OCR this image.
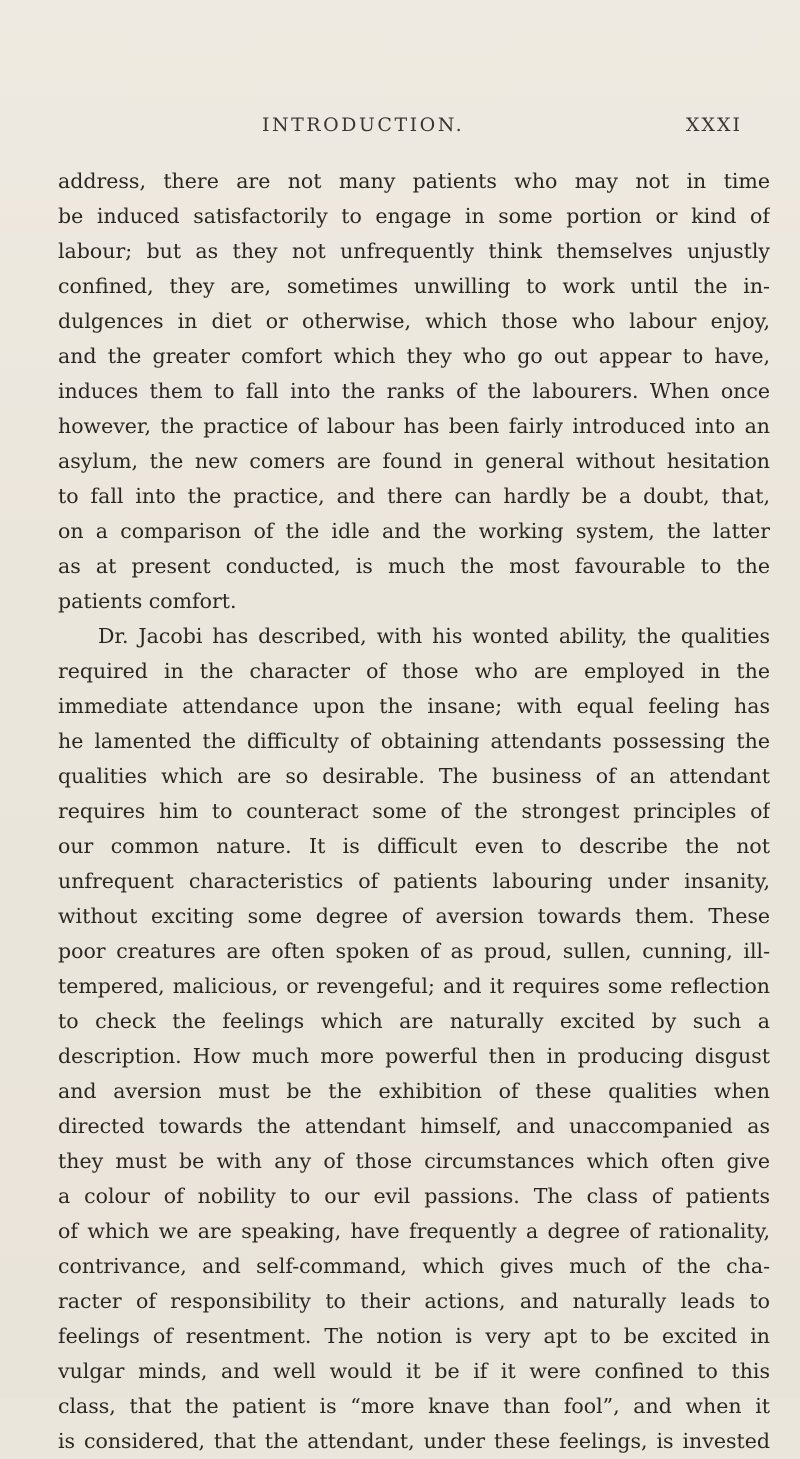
INTRODUCTION.	XXXI
address, there are not many patients who may not in time
be induced satisfactorily to engage in some portion or kind of
labour; but as they not unfrequently think themselves unjustly
confined, they are, sometimes unwilling to work until the in-
dulgences in diet or otherwise, which those who labour enjoy,
and the greater comfort which they who go out appear to have,
induces them to fall into the ranks of the labourers. When once
however, the practice of labour has been fairly introduced into an
asylum, the new comers are found in general without hesitation
to fall into the practice, and there can hardly be a doubt, that,
on a comparison of the idle and the working system, the latter
as at present conducted, is much the most favourable to the
patients comfort.
Dr. Jacobi has described, with his wonted ability, the qualities
required in the character of those who are employed in the
immediate attendance upon the insane; with equal feeling has
he lamented the difficulty of obtaining attendants possessing the
qualities which are so desirable. The business of an attendant
requires him to counteract some of the strongest principles of
our common nature. It is difficult even to describe the not
unfrequent characteristics of patients labouring under insanity,
without exciting some degree of aversion towards them. These
poor creatures are often spoken of as proud, sullen, cunning, ill-
tempered, malicious, or revengeful; and it requires some reflection
to check the feelings which are naturally excited by such a
description. How much more powerful then in producing disgust
and aversion must be the exhibition of these qualities when
directed towards the attendant himself, and unaccompanied as
they must be with any of those circumstances which often give
a colour of nobility to our evil passions. The class of patients
of which we are speaking, have frequently a degree of rationality,
contrivance, and self-command, which gives much of the cha-
racter of responsibility to their actions, and naturally leads to
feelings of resentment. The notion is very apt to be excited in
vulgar minds, and well would it be if it were confined to this
class, that the patient is “more knave than fool”, and when it
is considered, that the attendant, under these feelings, is invested
